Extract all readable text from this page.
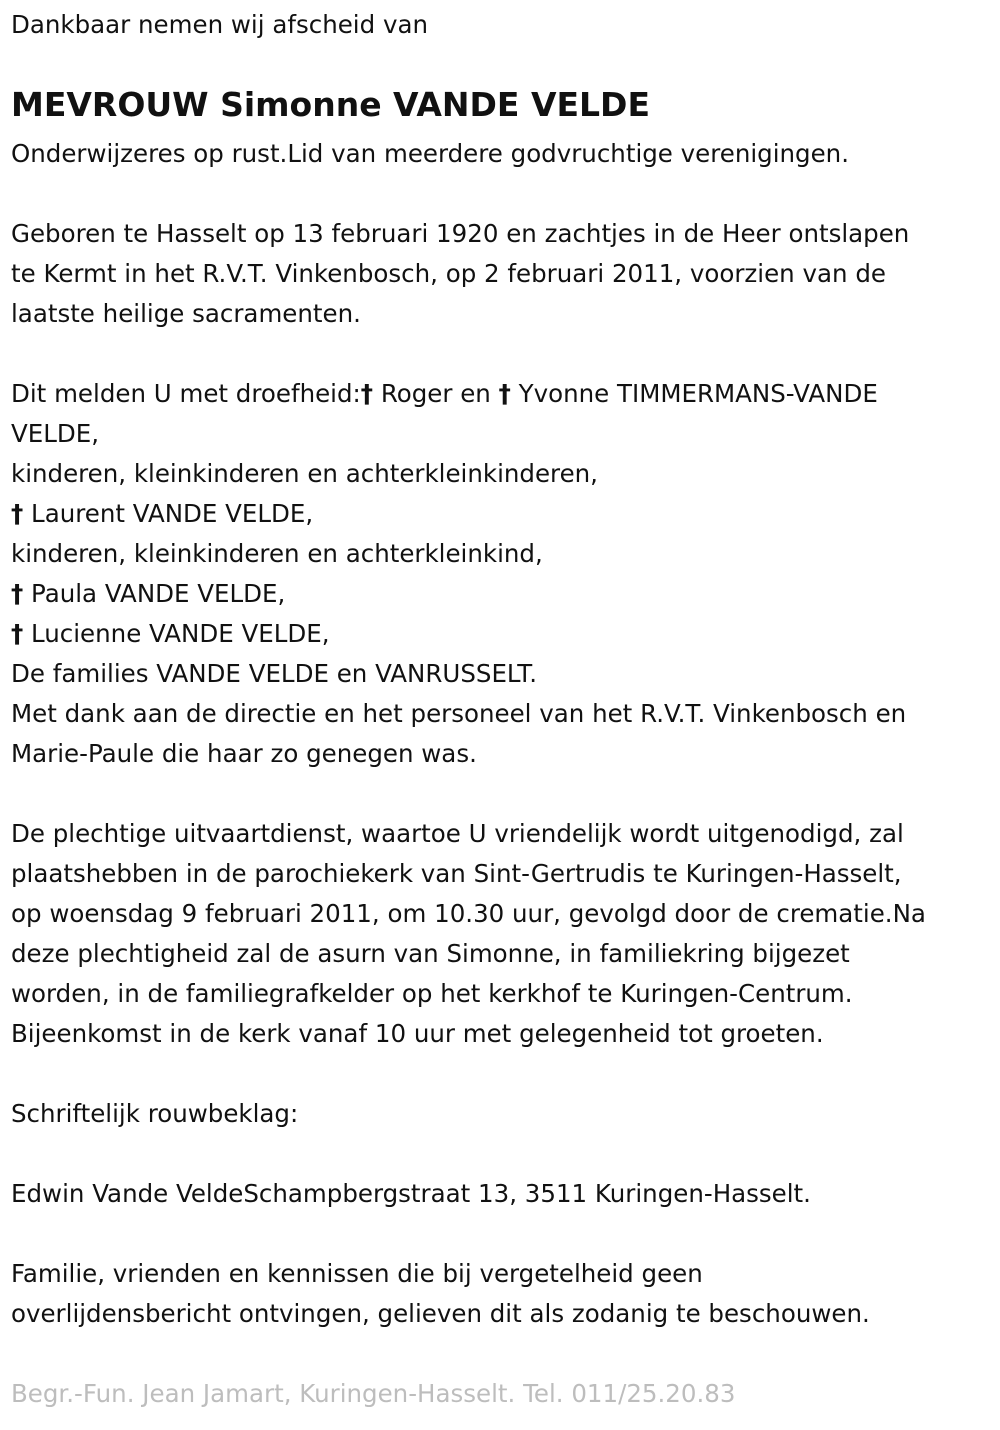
Dankbaar nemen wij afscheid van
MEVROUW Simonne VANDE VELDE
Onderwijzeres op rust.Lid van meerdere godvruchtige verenigingen.
Geboren te Hasselt op 13 februari 1920 en zachtjes in de Heer ontslapen
te Kermt in het R.V.T. Vinkenbosch, op 2 februari 2011, voorzien van de
laatste heilige sacramenten.
Dit melden U met droefheid:† Roger en † Yvonne TIMMERMANS-VANDE
VELDE,
kinderen, kleinkinderen en achterkleinkinderen,
† Laurent VANDE VELDE,
kinderen, kleinkinderen en achterkleinkind,
† Paula VANDE VELDE,
† Lucienne VANDE VELDE,
De families VANDE VELDE en VANRUSSELT.
Met dank aan de directie en het personeel van het R.V.T. Vinkenbosch en
Marie-Paule die haar zo genegen was.
De plechtige uitvaartdienst, waartoe U vriendelijk wordt uitgenodigd, zal
plaatshebben in de parochiekerk van Sint-Gertrudis te Kuringen-Hasselt,
op woensdag 9 februari 2011, om 10.30 uur, gevolgd door de crematie.Na
deze plechtigheid zal de asurn van Simonne, in familiekring bijgezet
worden, in de familiegrafkelder op het kerkhof te Kuringen-Centrum.
Bijeenkomst in de kerk vanaf 10 uur met gelegenheid tot groeten.
Schriftelijk rouwbeklag:
Edwin Vande VeldeSchampbergstraat 13, 3511 Kuringen-Hasselt.
Familie, vrienden en kennissen die bij vergetelheid geen
overlijdensbericht ontvingen, gelieven dit als zodanig te beschouwen.
Begr.-Fun. Jean Jamart, Kuringen-Hasselt. Tel. 011/25.20.83
